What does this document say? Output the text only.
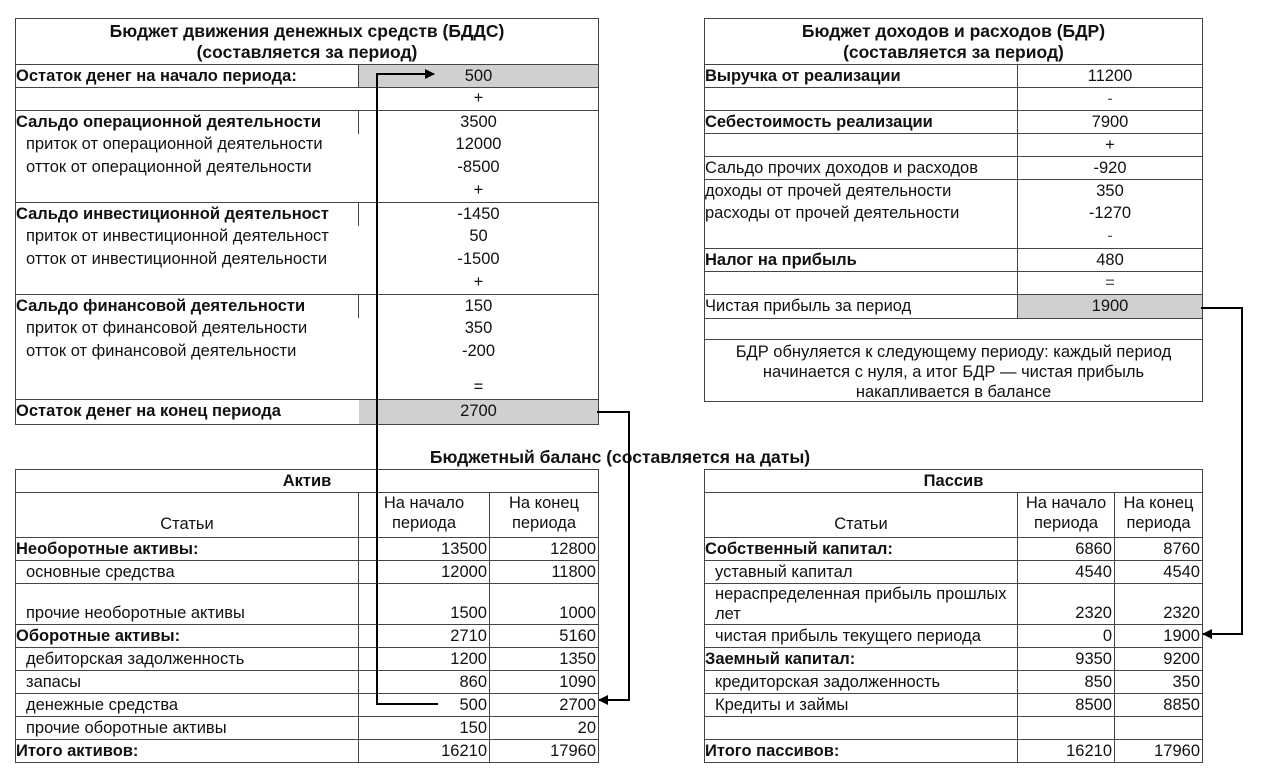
Бюджет движения денежных средств (БДДС)
(составляется за период)
Остаток денег на начало периода:	500
+
Сальдо операционной деятельности	3500
приток от операционной деятельности	12000
отток от операционной деятельности	-8500
+
Сальдо инвестиционной деятельност	-1450
приток от инвестиционной деятельност	50
отток от инвестиционной деятельности	-1500
+
Сальдо финансовой деятельности	150
приток от финансовой деятельности	350
отток от финансовой деятельности	-200
=
Остаток денег на конец периода	2700
Бюджет доходов и расходов (БДР)
(составляется за период)
Выручка от реализации	11200
-
Себестоимость реализации	7900
+
Сальдо прочих доходов и расходов	-920
доходы от прочей деятельности	350
расходы от прочей деятельности	-1270
-
Налог на прибыль	480
=
Чистая прибыль за период	1900
БДР обнуляется к следующему периоду: каждый период начинается с нуля, а итог БДР — чистая прибыль накапливается в балансе
Бюджетный баланс (составляется на даты)
Актив
Статьи
На начало периода
На конец периода
Необоротные активы:	13500	12800
основные средства	12000	11800
прочие необоротные активы	1500	1000
Оборотные активы:	2710	5160
дебиторская задолженность	1200	1350
запасы	860	1090
денежные средства	500	2700
прочие оборотные активы	150	20
Итого активов:	16210	17960
Пассив
Статьи
На начало периода
На конец периода
Собственный капитал:	6860	8760
уставный капитал	4540	4540
нераспределенная прибыль прошлых лет	2320	2320
чистая прибыль текущего периода	0	1900
Заемный капитал:	9350	9200
кредиторская задолженность	850	350
Кредиты и займы	8500	8850
Итого пассивов:	16210	17960
